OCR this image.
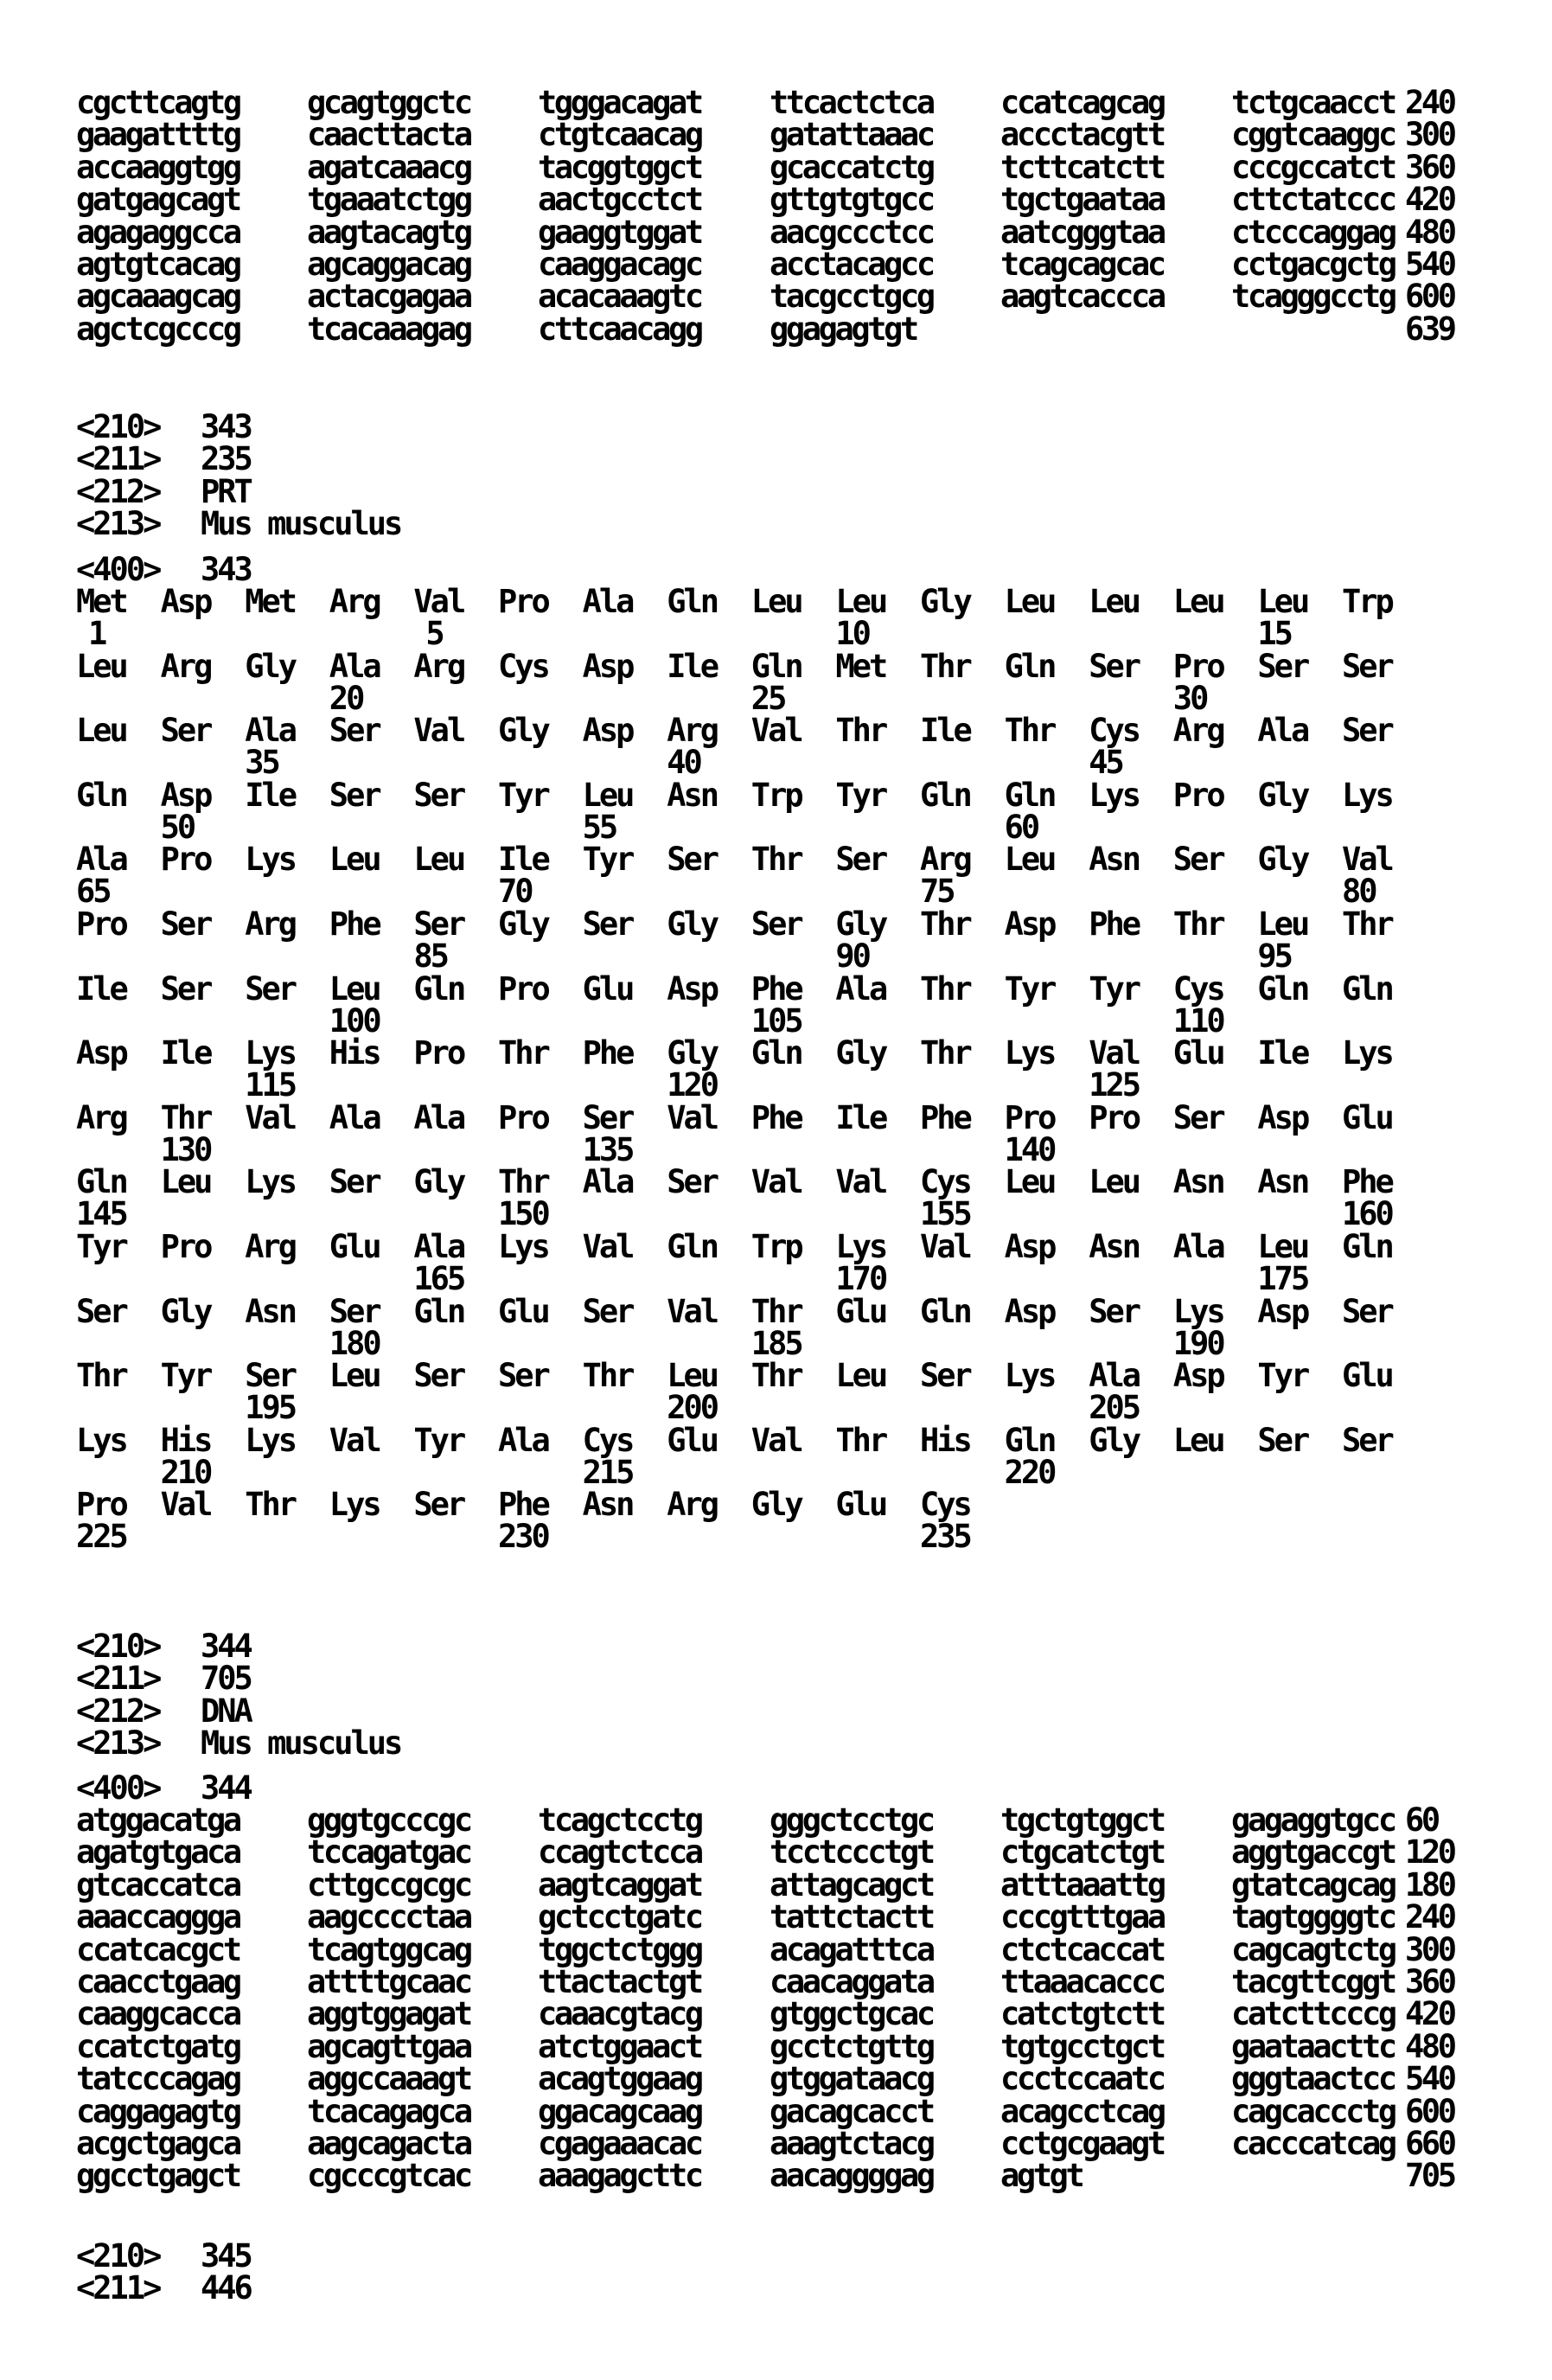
cgcttcagtg gcagtggctc tgggacagat ttcactctca ccatcagcag tctgcaacct 240
gaagattttg caacttacta ctgtcaacag gatattaaac accctacgtt cggtcaaggc 300
accaaggtgg agatcaaacg tacggtggct gcaccatctg tcttcatctt cccgccatct 360
gatgagcagt tgaaatctgg aactgcctct gttgtgtgcc tgctgaataa cttctatccc 420
agagaggcca aagtacagtg gaaggtggat aacgccctcc aatcgggtaa ctcccaggag 480
agtgtcacag agcaggacag caaggacagc acctacagcc tcagcagcac cctgacgctg 540
agcaaagcag actacgagaa acacaaagtc tacgcctgcg aagtcaccca tcagggcctg 600
agctcgcccg tcacaaagag cttcaacagg ggagagtgt	639
<210> 343
<211> 235
<212> PRT
<213> Mus musculus
<400> 343
Met Asp Met Arg Val Pro Ala Gln Leu Leu Gly Leu Leu Leu Leu Trp
1	5	10	15
Leu Arg Gly Ala Arg Cys Asp Ile Gln Met Thr Gln Ser Pro Ser Ser
20	25	30
Leu Ser Ala Ser Val Gly Asp Arg Val Thr Ile Thr Cys Arg Ala Ser
35	40	45
Gln Asp Ile Ser Ser Tyr Leu Asn Trp Tyr Gln Gln Lys Pro Gly Lys
50	55	60
Ala Pro Lys Leu Leu Ile Tyr Ser Thr Ser Arg Leu Asn Ser Gly Val
65	70	75	80
Pro Ser Arg Phe Ser Gly Ser Gly Ser Gly Thr Asp Phe Thr Leu Thr
85	90	95
Ile Ser Ser Leu Gln Pro Glu Asp Phe Ala Thr Tyr Tyr Cys Gln Gln
100	105	110
Asp Ile Lys His Pro Thr Phe Gly Gln Gly Thr Lys Val Glu Ile Lys
115	120	125
Arg Thr Val Ala Ala Pro Ser Val Phe Ile Phe Pro Pro Ser Asp Glu
130	135	140
Gln Leu Lys Ser Gly Thr Ala Ser Val Val Cys Leu Leu Asn Asn Phe
145	150	155	160
Tyr Pro Arg Glu Ala Lys Val Gln Trp Lys Val Asp Asn Ala Leu Gln
165	170	175
Ser Gly Asn Ser Gln Glu Ser Val Thr Glu Gln Asp Ser Lys Asp Ser
180	185	190
Thr Tyr Ser Leu Ser Ser Thr Leu Thr Leu Ser Lys Ala Asp Tyr Glu
195	200	205
Lys His Lys Val Tyr Ala Cys Glu Val Thr His Gln Gly Leu Ser Ser
210	215	220
Pro Val Thr Lys Ser Phe Asn Arg Gly Glu Cys
225	230	235
<210> 344
<211> 705
<212> DNA
<213> Mus musculus
<400> 344
atggacatga gggtgcccgc tcagctcctg gggctcctgc tgctgtggct gagaggtgcc 60
agatgtgaca tccagatgac ccagtctcca tcctccctgt ctgcatctgt aggtgaccgt 120
gtcaccatca cttgccgcgc aagtcaggat attagcagct atttaaattg gtatcagcag 180
aaaccaggga aagcccctaa gctcctgatc tattctactt cccgtttgaa tagtggggtc 240
ccatcacgct tcagtggcag tggctctggg acagatttca ctctcaccat cagcagtctg 300
caacctgaag attttgcaac ttactactgt caacaggata ttaaacaccc tacgttcggt 360
caaggcacca aggtggagat caaacgtacg gtggctgcac catctgtctt catcttcccg 420
ccatctgatg agcagttgaa atctggaact gcctctgttg tgtgcctgct gaataacttc 480
tatcccagag aggccaaagt acagtggaag gtggataacg ccctccaatc gggtaactcc 540
caggagagtg tcacagagca ggacagcaag gacagcacct acagcctcag cagcaccctg 600
acgctgagca aagcagacta cgagaaacac aaagtctacg cctgcgaagt cacccatcag 660
ggcctgagct cgcccgtcac aaagagcttc aacaggggag agtgt	705
<210> 345
<211> 446
